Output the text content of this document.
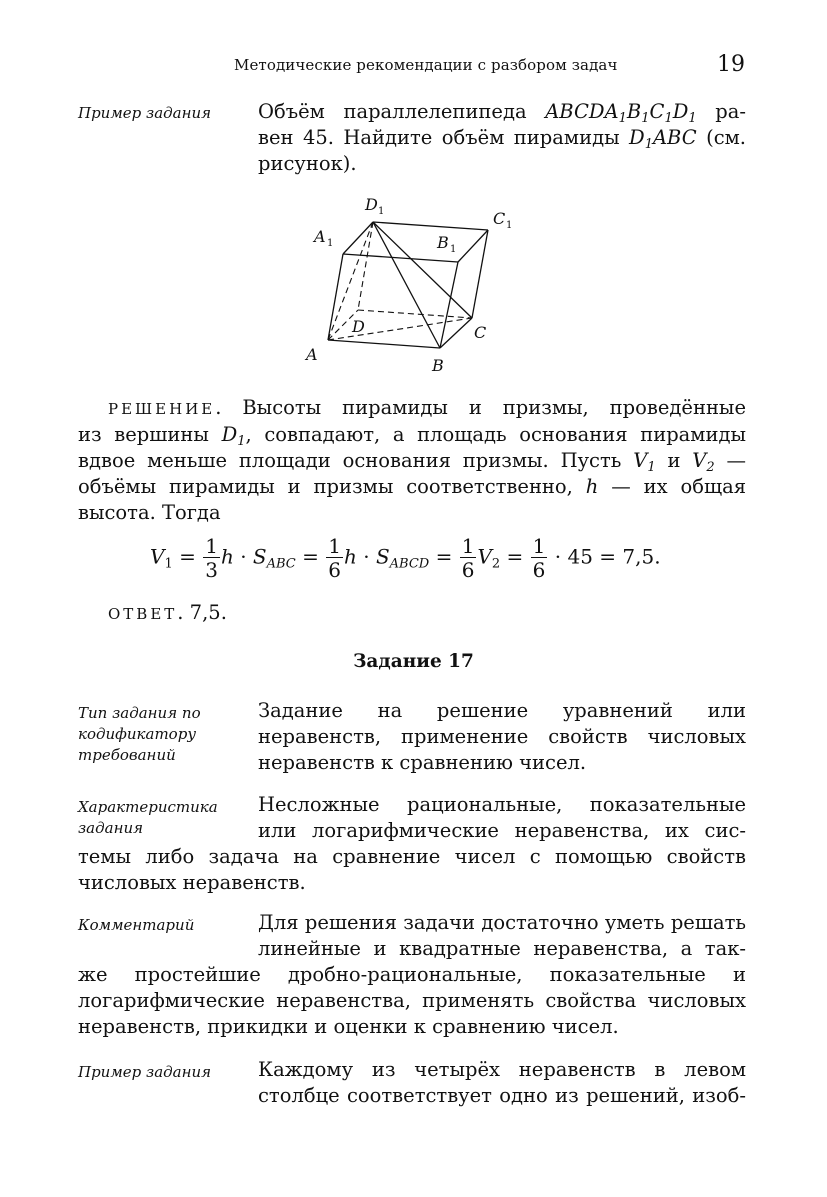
Методические рекомендации с разбором задач	19
Пример задания Объём параллелепипеда $ABCDA_1B_1C_1D_1$ ра-
вен 45. Найдите объём пирамиды $D_1ABC$ (см.
рисунок).
D 1
A 1	B 1
C 1
D	C
A
B
РЕШЕНИЕ. Высоты пирамиды и призмы, проведённые
из вершины $D_1$, совпадают, а площадь основания пирамиды
вдвое меньше площади основания призмы. Пусть $V_1$ и $V_2$ —
объёмы пирамиды и призмы соответственно, h — их общая
высота. Тогда
$V_1 = \frac{1}{3}$ $h \cdot S_{ABC} = \frac{1}{6}$ $h \cdot S_{ABCD} = \frac{1}{6} V_2 = \frac{1}{6} \cdot 45 = 7,5$.
ОТВЕТ. 7,5.
Задание 17
Тип задания по кодификатору требований
Задание на решение уравнений или неравенств, применение свойств числовых неравенств к сравнению чисел.
Характеристика задания
Несложные рациональные, показательные
или логарифмические неравенства, их сис-
темы либо задача на сравнение чисел с помощью свойств числовых неравенств.
Комментарий	Для решения задачи достаточно уметь решать
линейные и квадратные неравенства, а так-
же простейшие дробно-рациональные, показательные и логарифмические неравенства, применять свойства числовых неравенств, прикидки и оценки к сравнению чисел.
Пример задания Каждому из четырёх неравенств в левом
столбце соответствует одно из решений, изоб-
